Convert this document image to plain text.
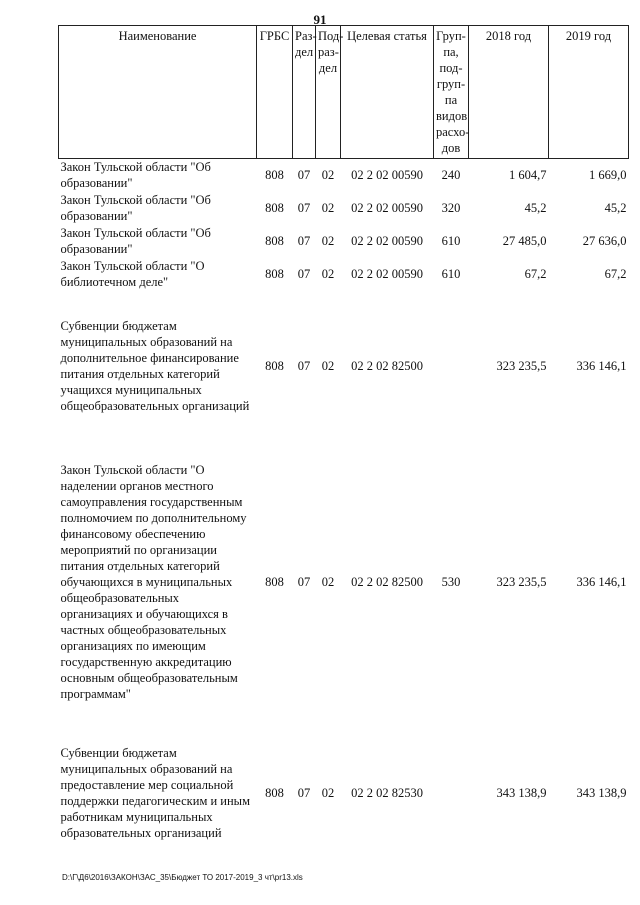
91
Наименование	ГРБС	Раз-дел	Под-раз-дел	Целевая статья	Груп-па, под-груп-па видов расхо-дов	2018 год	2019 год
Закон Тульской области "Об образовании"	808	07	02	02 2 02 00590	240	1 604,7	1 669,0
Закон Тульской области "Об образовании"	808	07	02	02 2 02 00590	320	45,2	45,2
Закон Тульской области "Об образовании"	808	07	02	02 2 02 00590	610	27 485,0	27 636,0
Закон Тульской области "О библиотечном деле"	808	07	02	02 2 02 00590	610	67,2	67,2
Субвенции бюджетам муниципальных образований на дополнительное финансирование питания отдельных категорий учащихся муниципальных общеобразовательных организаций	808	07	02	02 2 02 82500		323 235,5	336 146,1
Закон Тульской области "О наделении органов местного самоуправления государственным полномочием по дополнительному финансовому обеспечению мероприятий по организации питания отдельных категорий обучающихся в муниципальных общеобразовательных организациях и обучающихся в частных общеобразовательных организациях по имеющим государственную аккредитацию основным общеобразовательным программам"	808	07	02	02 2 02 82500	530	323 235,5	336 146,1
Субвенции бюджетам муниципальных образований на предоставление мер социальной поддержки педагогическим и иным работникам муниципальных образовательных организаций	808	07	02	02 2 02 82530		343 138,9	343 138,9
D:\Г\Д6\2016\ЗАКОН\ЗАС_35\Бюджет ТО 2017-2019_3 чт\pr13.xls
